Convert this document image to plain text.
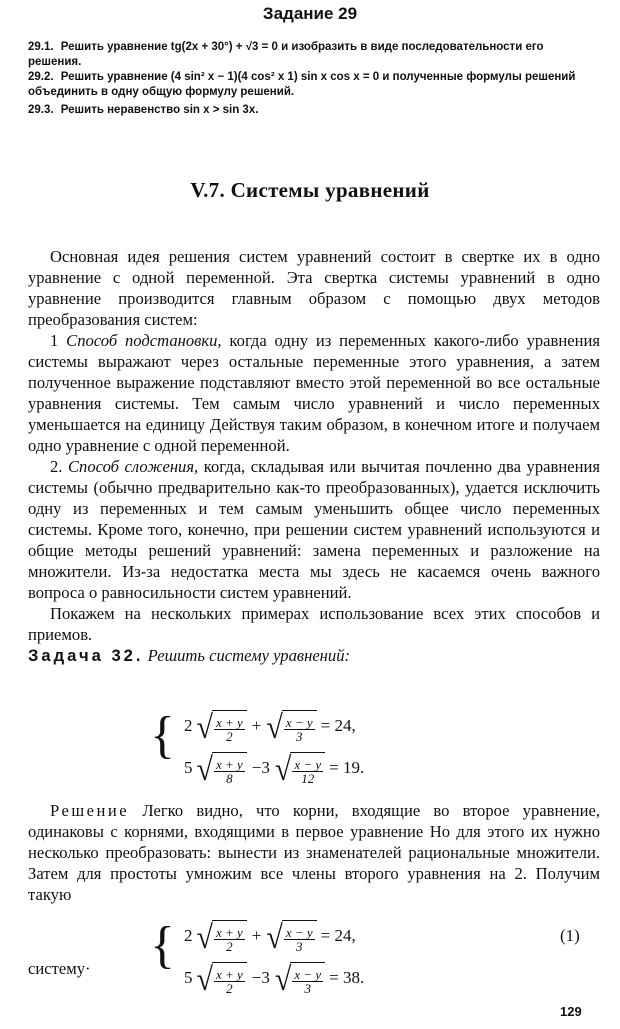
Задание 29
29.1. Решить уравнение tg(2x + 30°) + √3 = 0 и изобразить в виде последовательности его решения.
29.2. Решить уравнение (4 sin² x − 1)(4 cos² x 1) sin x cos x = 0 и полученные формулы решений объединить в одну общую формулу решений.
29.3. Решить неравенство sin x > sin 3x.
V.7. Системы уравнений

Основная идея решения систем уравнений состоит в свертке их в одно уравнение с одной переменной. Эта свертка системы уравнений в одно уравнение производится главным образом с помощью двух методов преобразования систем:

1 Способ подстановки, когда одну из переменных какого-либо уравнения системы выражают через остальные переменные этого уравнения, а затем полученное выражение подставляют вместо этой переменной во все остальные уравнения системы. Тем самым число уравнений и число переменных уменьшается на единицу Действуя таким образом, в конечном итоге и получаем одно уравнение с одной переменной.

2. Способ сложения, когда, складывая или вычитая почленно два уравнения системы (обычно предварительно как-то преобразованных), удается исключить одну из переменных и тем самым уменьшить общее число переменных системы. Кроме того, конечно, при решении систем уравнений используются и общие методы решений уравнений: замена переменных и разложение на множители. Из-за недостатка места мы здесь не касаемся очень важного вопроса о равносильности систем уравнений.

Покажем на нескольких примерах использование всех этих способов и приемов.

Задача 32. Решить систему уравнений:

{ 2 √ $\frac{x + y}{2}$ + √ $\frac{x - y}{3} = 24$,
5 √ $\frac{x + y}{8} -3$ √ $\frac{x - y}{12} = 19$.

Решение Легко видно, что корни, входящие во второе уравнение, одинаковы с корнями, входящими в первое уравнение Но для этого их нужно несколько преобразовать: вынести из знаменателей рациональные множители. Затем для простоты умножим все члены второго уравнения на 2. Получим такую

систему· { 2 √ $\frac{x + y}{2}$ + √ $\frac{x - y}{3} = 24$,
5 √ $\frac{x + y}{2} -3$ √ $\frac{x - y}{3} = 38$.
(1)
129
